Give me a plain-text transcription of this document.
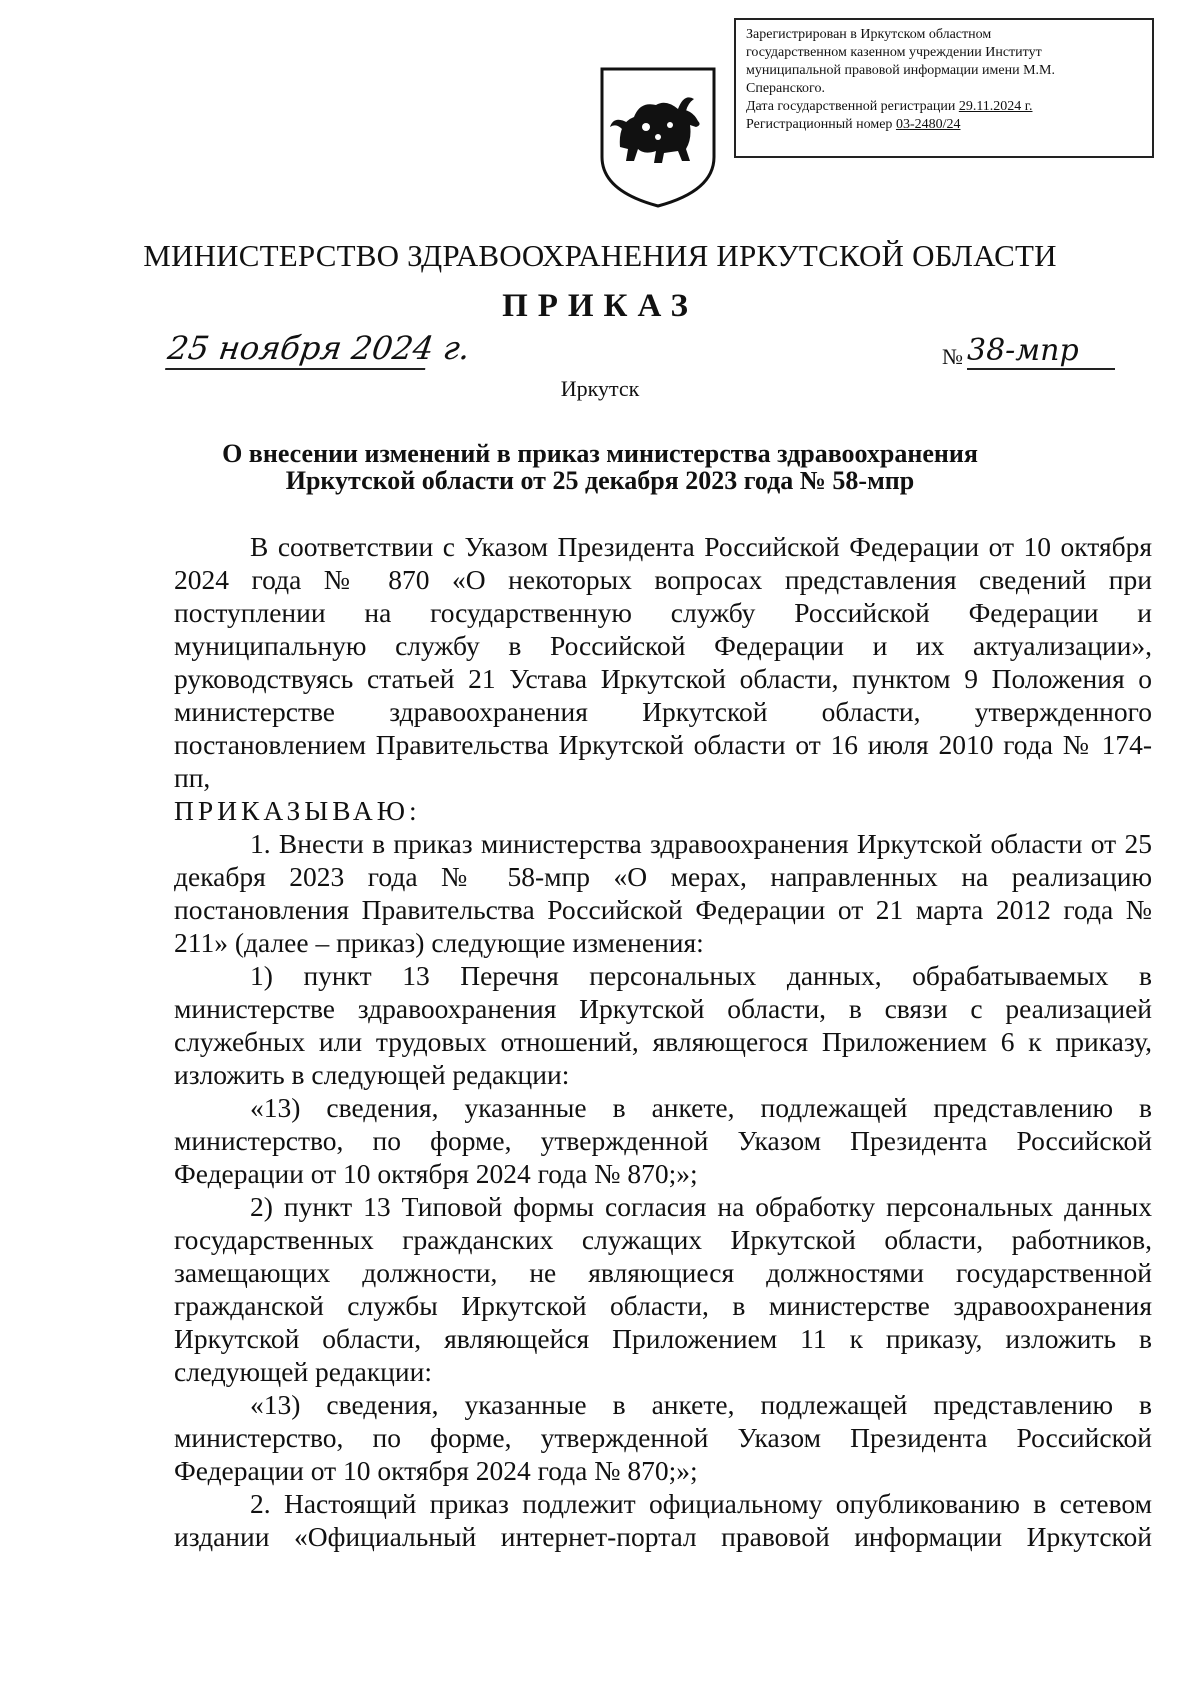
Зарегистрирован в Иркутском областном
государственном казенном учреждении Институт
муниципальной правовой информации имени М.М.
Сперанского.
Дата государственной регистрации 29.11.2024 г.
Регистрационный номер 03-2480/24
МИНИСТЕРСТВО ЗДРАВООХРАНЕНИЯ ИРКУТСКОЙ ОБЛАСТИ
ПРИКАЗ
25 ноября 2024 г.	№ 38-мпр
Иркутск
О внесении изменений в приказ министерства здравоохранения
Иркутской области от 25 декабря 2023 года № 58-мпр

В соответствии с Указом Президента Российской Федерации от 10 октября 2024 года № 870 «О некоторых вопросах представления сведений при поступлении на государственную службу Российской Федерации и муниципальную службу в Российской Федерации и их актуализации», руководствуясь статьей 21 Устава Иркутской области, пунктом 9 Положения о министерстве здравоохранения Иркутской области, утвержденного постановлением Правительства Иркутской области от 16 июля 2010 года № 174-пп,

ПРИКАЗЫВАЮ:

1. Внести в приказ министерства здравоохранения Иркутской области от 25 декабря 2023 года № 58-мпр «О мерах, направленных на реализацию постановления Правительства Российской Федерации от 21 марта 2012 года № 211» (далее – приказ) следующие изменения:

1) пункт 13 Перечня персональных данных, обрабатываемых в министерстве здравоохранения Иркутской области, в связи с реализацией служебных или трудовых отношений, являющегося Приложением 6 к приказу, изложить в следующей редакции:

«13) сведения, указанные в анкете, подлежащей представлению в министерство, по форме, утвержденной Указом Президента Российской Федерации от 10 октября 2024 года № 870;»;

2) пункт 13 Типовой формы согласия на обработку персональных данных государственных гражданских служащих Иркутской области, работников, замещающих должности, не являющиеся должностями государственной гражданской службы Иркутской области, в министерстве здравоохранения Иркутской области, являющейся Приложением 11 к приказу, изложить в следующей редакции:

«13) сведения, указанные в анкете, подлежащей представлению в министерство, по форме, утвержденной Указом Президента Российской Федерации от 10 октября 2024 года № 870;»;

2. Настоящий приказ подлежит официальному опубликованию в сетевом издании «Официальный интернет-портал правовой информации Иркутской
